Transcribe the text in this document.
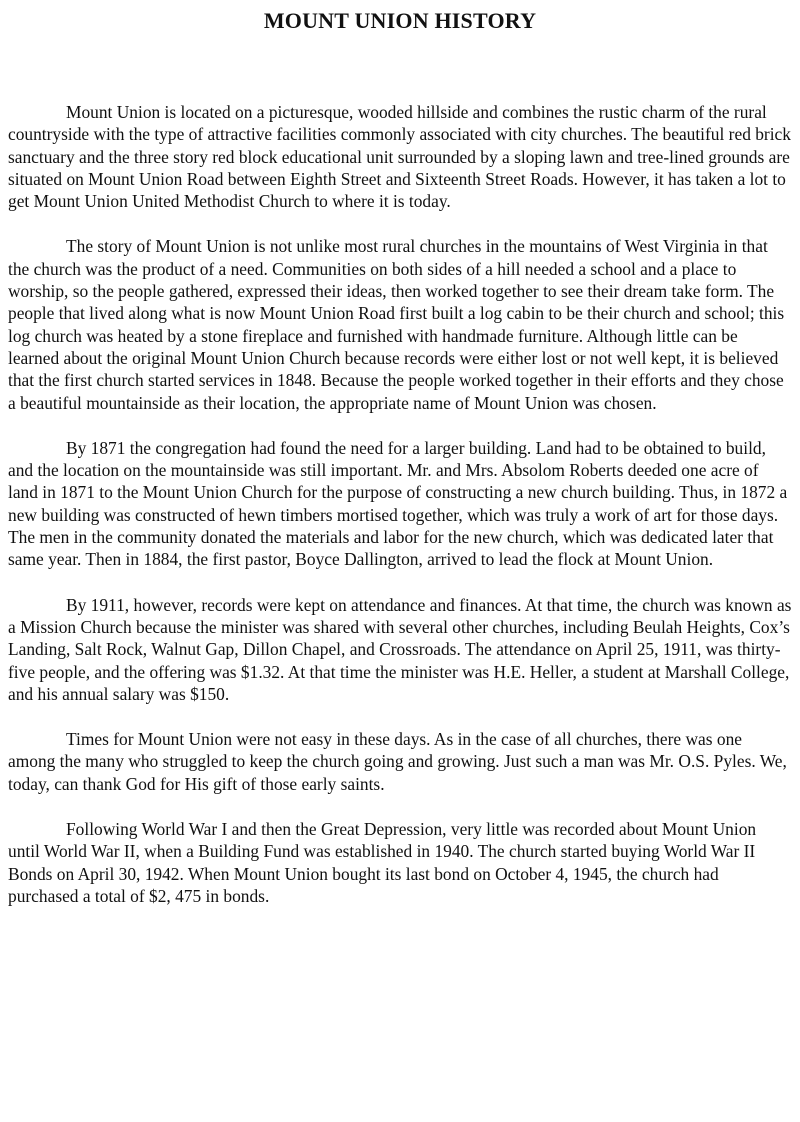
MOUNT UNION HISTORY

Mount Union is located on a picturesque, wooded hillside and combines the rustic charm of the rural countryside with the type of attractive facilities commonly associated with city churches. The beautiful red brick sanctuary and the three story red block educational unit surrounded by a sloping lawn and tree-lined grounds are situated on Mount Union Road between Eighth Street and Sixteenth Street Roads. However, it has taken a lot to get Mount Union United Methodist Church to where it is today.

The story of Mount Union is not unlike most rural churches in the mountains of West Virginia in that the church was the product of a need. Communities on both sides of a hill needed a school and a place to worship, so the people gathered, expressed their ideas, then worked together to see their dream take form. The people that lived along what is now Mount Union Road first built a log cabin to be their church and school; this log church was heated by a stone fireplace and furnished with handmade furniture. Although little can be learned about the original Mount Union Church because records were either lost or not well kept, it is believed that the first church started services in 1848. Because the people worked together in their efforts and they chose a beautiful mountainside as their location, the appropriate name of Mount Union was chosen.

By 1871 the congregation had found the need for a larger building. Land had to be obtained to build, and the location on the mountainside was still important. Mr. and Mrs. Absolom Roberts deeded one acre of land in 1871 to the Mount Union Church for the purpose of constructing a new church building. Thus, in 1872 a new building was constructed of hewn timbers mortised together, which was truly a work of art for those days. The men in the community donated the materials and labor for the new church, which was dedicated later that same year. Then in 1884, the first pastor, Boyce Dallington, arrived to lead the flock at Mount Union.

By 1911, however, records were kept on attendance and finances. At that time, the church was known as a Mission Church because the minister was shared with several other churches, including Beulah Heights, Cox’s Landing, Salt Rock, Walnut Gap, Dillon Chapel, and Crossroads. The attendance on April 25, 1911, was thirty-five people, and the offering was $1.32. At that time the minister was H.E. Heller, a student at Marshall College, and his annual salary was $150.

Times for Mount Union were not easy in these days. As in the case of all churches, there was one among the many who struggled to keep the church going and growing. Just such a man was Mr. O.S. Pyles. We, today, can thank God for His gift of those early saints.

Following World War I and then the Great Depression, very little was recorded about Mount Union until World War II, when a Building Fund was established in 1940. The church started buying World War II Bonds on April 30, 1942. When Mount Union bought its last bond on October 4, 1945, the church had purchased a total of $2, 475 in bonds.
